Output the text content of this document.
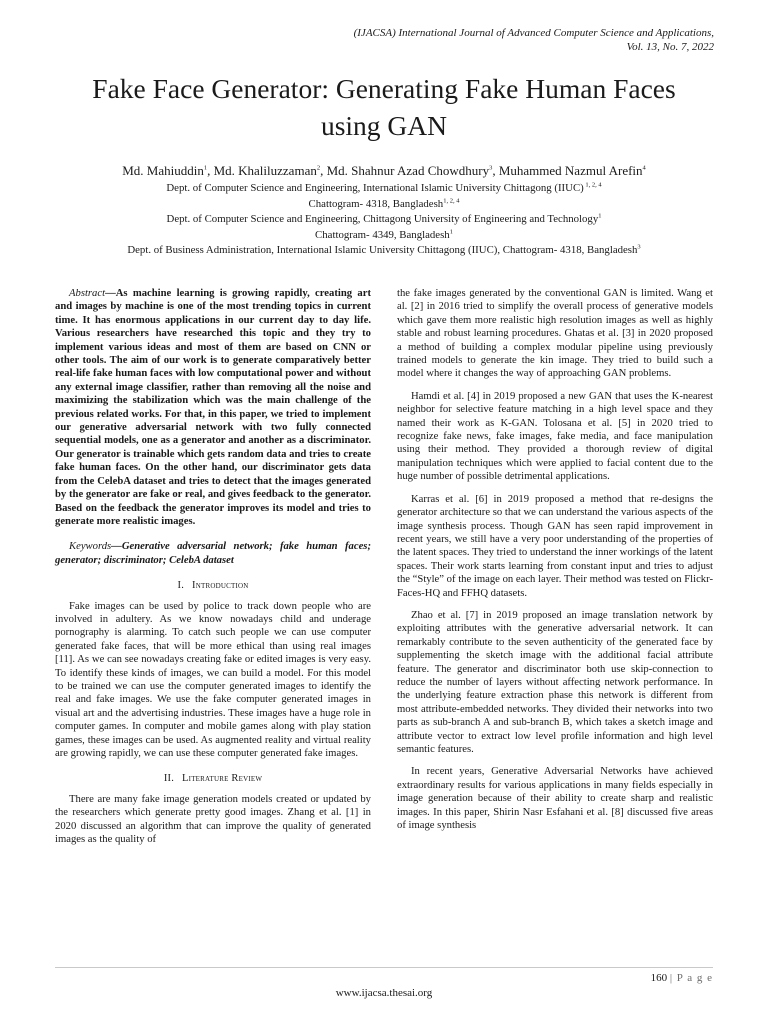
(IJACSA) International Journal of Advanced Computer Science and Applications,
Vol. 13, No. 7, 2022
Fake Face Generator: Generating Fake Human Faces
using GAN
Md. Mahiuddin$^1$, Md. Khaliluzzaman$^2$, Md. Shahnur Azad Chowdhury$^3$, Muhammed Nazmul Arefin$^4$
Dept. of Computer Science and Engineering, International Islamic University Chittagong (IIUC) $^{1, 2, 4}$
Chattogram- 4318, Bangladesh$^{1, 2, 4}$
Dept. of Computer Science and Engineering, Chittagong University of Engineering and Technology$^1$
Chattogram- 4349, Bangladesh$^1$
Dept. of Business Administration, International Islamic University Chittagong (IIUC), Chattogram- 4318, Bangladesh$^3$

Abstract—As machine learning is growing rapidly, creating art and images by machine is one of the most trending topics in current time. It has enormous applications in our current day to day life. Various researchers have researched this topic and they try to implement various ideas and most of them are based on CNN or other tools. The aim of our work is to generate comparatively better real-life fake human faces with low computational power and without any external image classifier, rather than removing all the noise and maximizing the stabilization which was the main challenge of the previous related works. For that, in this paper, we tried to implement our generative adversarial network with two fully connected sequential models, one as a generator and another as a discriminator. Our generator is trainable which gets random data and tries to create fake human faces. On the other hand, our discriminator gets data from the CelebA dataset and tries to detect that the images generated by the generator are fake or real, and gives feedback to the generator. Based on the feedback the generator improves its model and tries to generate more realistic images.

Keywords—Generative adversarial network; fake human faces; generator; discriminator; CelebA dataset

I. Introduction

Fake images can be used by police to track down people who are involved in adultery. As we know nowadays child and underage pornography is alarming. To catch such people we can use computer generated fake faces, that will be more ethical than using real images [11]. As we can see nowadays creating fake or edited images is very easy. To identify these kinds of images, we can build a model. For this model to be trained we can use the computer generated images to identify the real and fake images. We use the fake computer generated images in visual art and the advertising industries. These images have a huge role in computer games. In computer and mobile games along with play station games, these images can be used. As augmented reality and virtual reality are growing rapidly, we can use these computer generated fake images.

II. Literature Review

There are many fake image generation models created or updated by the researchers which generate pretty good images. Zhang et al. [1] in 2020 discussed an algorithm that can improve the quality of generated images as the quality of

the fake images generated by the conventional GAN is limited. Wang et al. [2] in 2016 tried to simplify the overall process of generative models which gave them more realistic high resolution images as well as highly stable and robust learning procedures. Ghatas et al. [3] in 2020 proposed a method of building a complex modular pipeline using previously trained models to generate the kin image. They tried to build such a model where it changes the way of approaching GAN problems.

Hamdi et al. [4] in 2019 proposed a new GAN that uses the K-nearest neighbor for selective feature matching in a high level space and they named their work as K-GAN. Tolosana et al. [5] in 2020 tried to recognize fake news, fake images, fake media, and face manipulation using their method. They provided a thorough review of digital manipulation techniques which were applied to facial content due to the huge number of possible detrimental applications.

Karras et al. [6] in 2019 proposed a method that re-designs the generator architecture so that we can understand the various aspects of the image synthesis process. Though GAN has seen rapid improvement in recent years, we still have a very poor understanding of the properties of the latent spaces. They tried to understand the inner workings of the latent spaces. Their work starts learning from constant input and tries to adjust the “Style” of the image on each layer. Their method was tested on Flickr-Faces-HQ and FFHQ datasets.

Zhao et al. [7] in 2019 proposed an image translation network by exploiting attributes with the generative adversarial network. It can remarkably contribute to the seven authenticity of the generated face by supplementing the sketch image with the additional facial attribute feature. The generator and discriminator both use skip-connection to reduce the number of layers without affecting network performance. In the underlying feature extraction phase this network is different from most attribute-embedded networks. They divided their networks into two parts as sub-branch A and sub-branch B, which takes a sketch image and attribute vector to extract low level profile information and high level semantic features.

In recent years, Generative Adversarial Networks have achieved extraordinary results for various applications in many fields especially in image generation because of their ability to create sharp and realistic images. In this paper, Shirin Nasr Esfahani et al. [8] discussed five areas of image synthesis

160 | P a g e
www.ijacsa.thesai.org
